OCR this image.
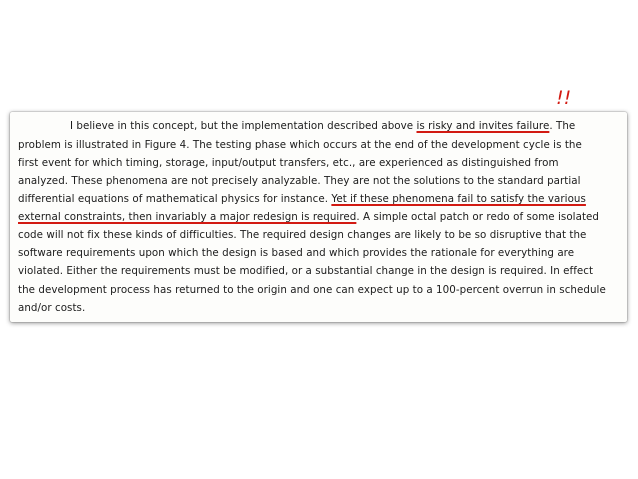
!!
I believe in this concept, but the implementation described above is risky and invites failure. The
problem is illustrated in Figure 4. The testing phase which occurs at the end of the development cycle is the
first event for which timing, storage, input/output transfers, etc., are experienced as distinguished from
analyzed. These phenomena are not precisely analyzable. They are not the solutions to the standard partial
differential equations of mathematical physics for instance. Yet if these phenomena fail to satisfy the various
external constraints, then invariably a major redesign is required. A simple octal patch or redo of some isolated
code will not fix these kinds of difficulties. The required design changes are likely to be so disruptive that the
software requirements upon which the design is based and which provides the rationale for everything are
violated. Either the requirements must be modified, or a substantial change in the design is required. In effect
the development process has returned to the origin and one can expect up to a 100-percent overrun in schedule
and/or costs.
